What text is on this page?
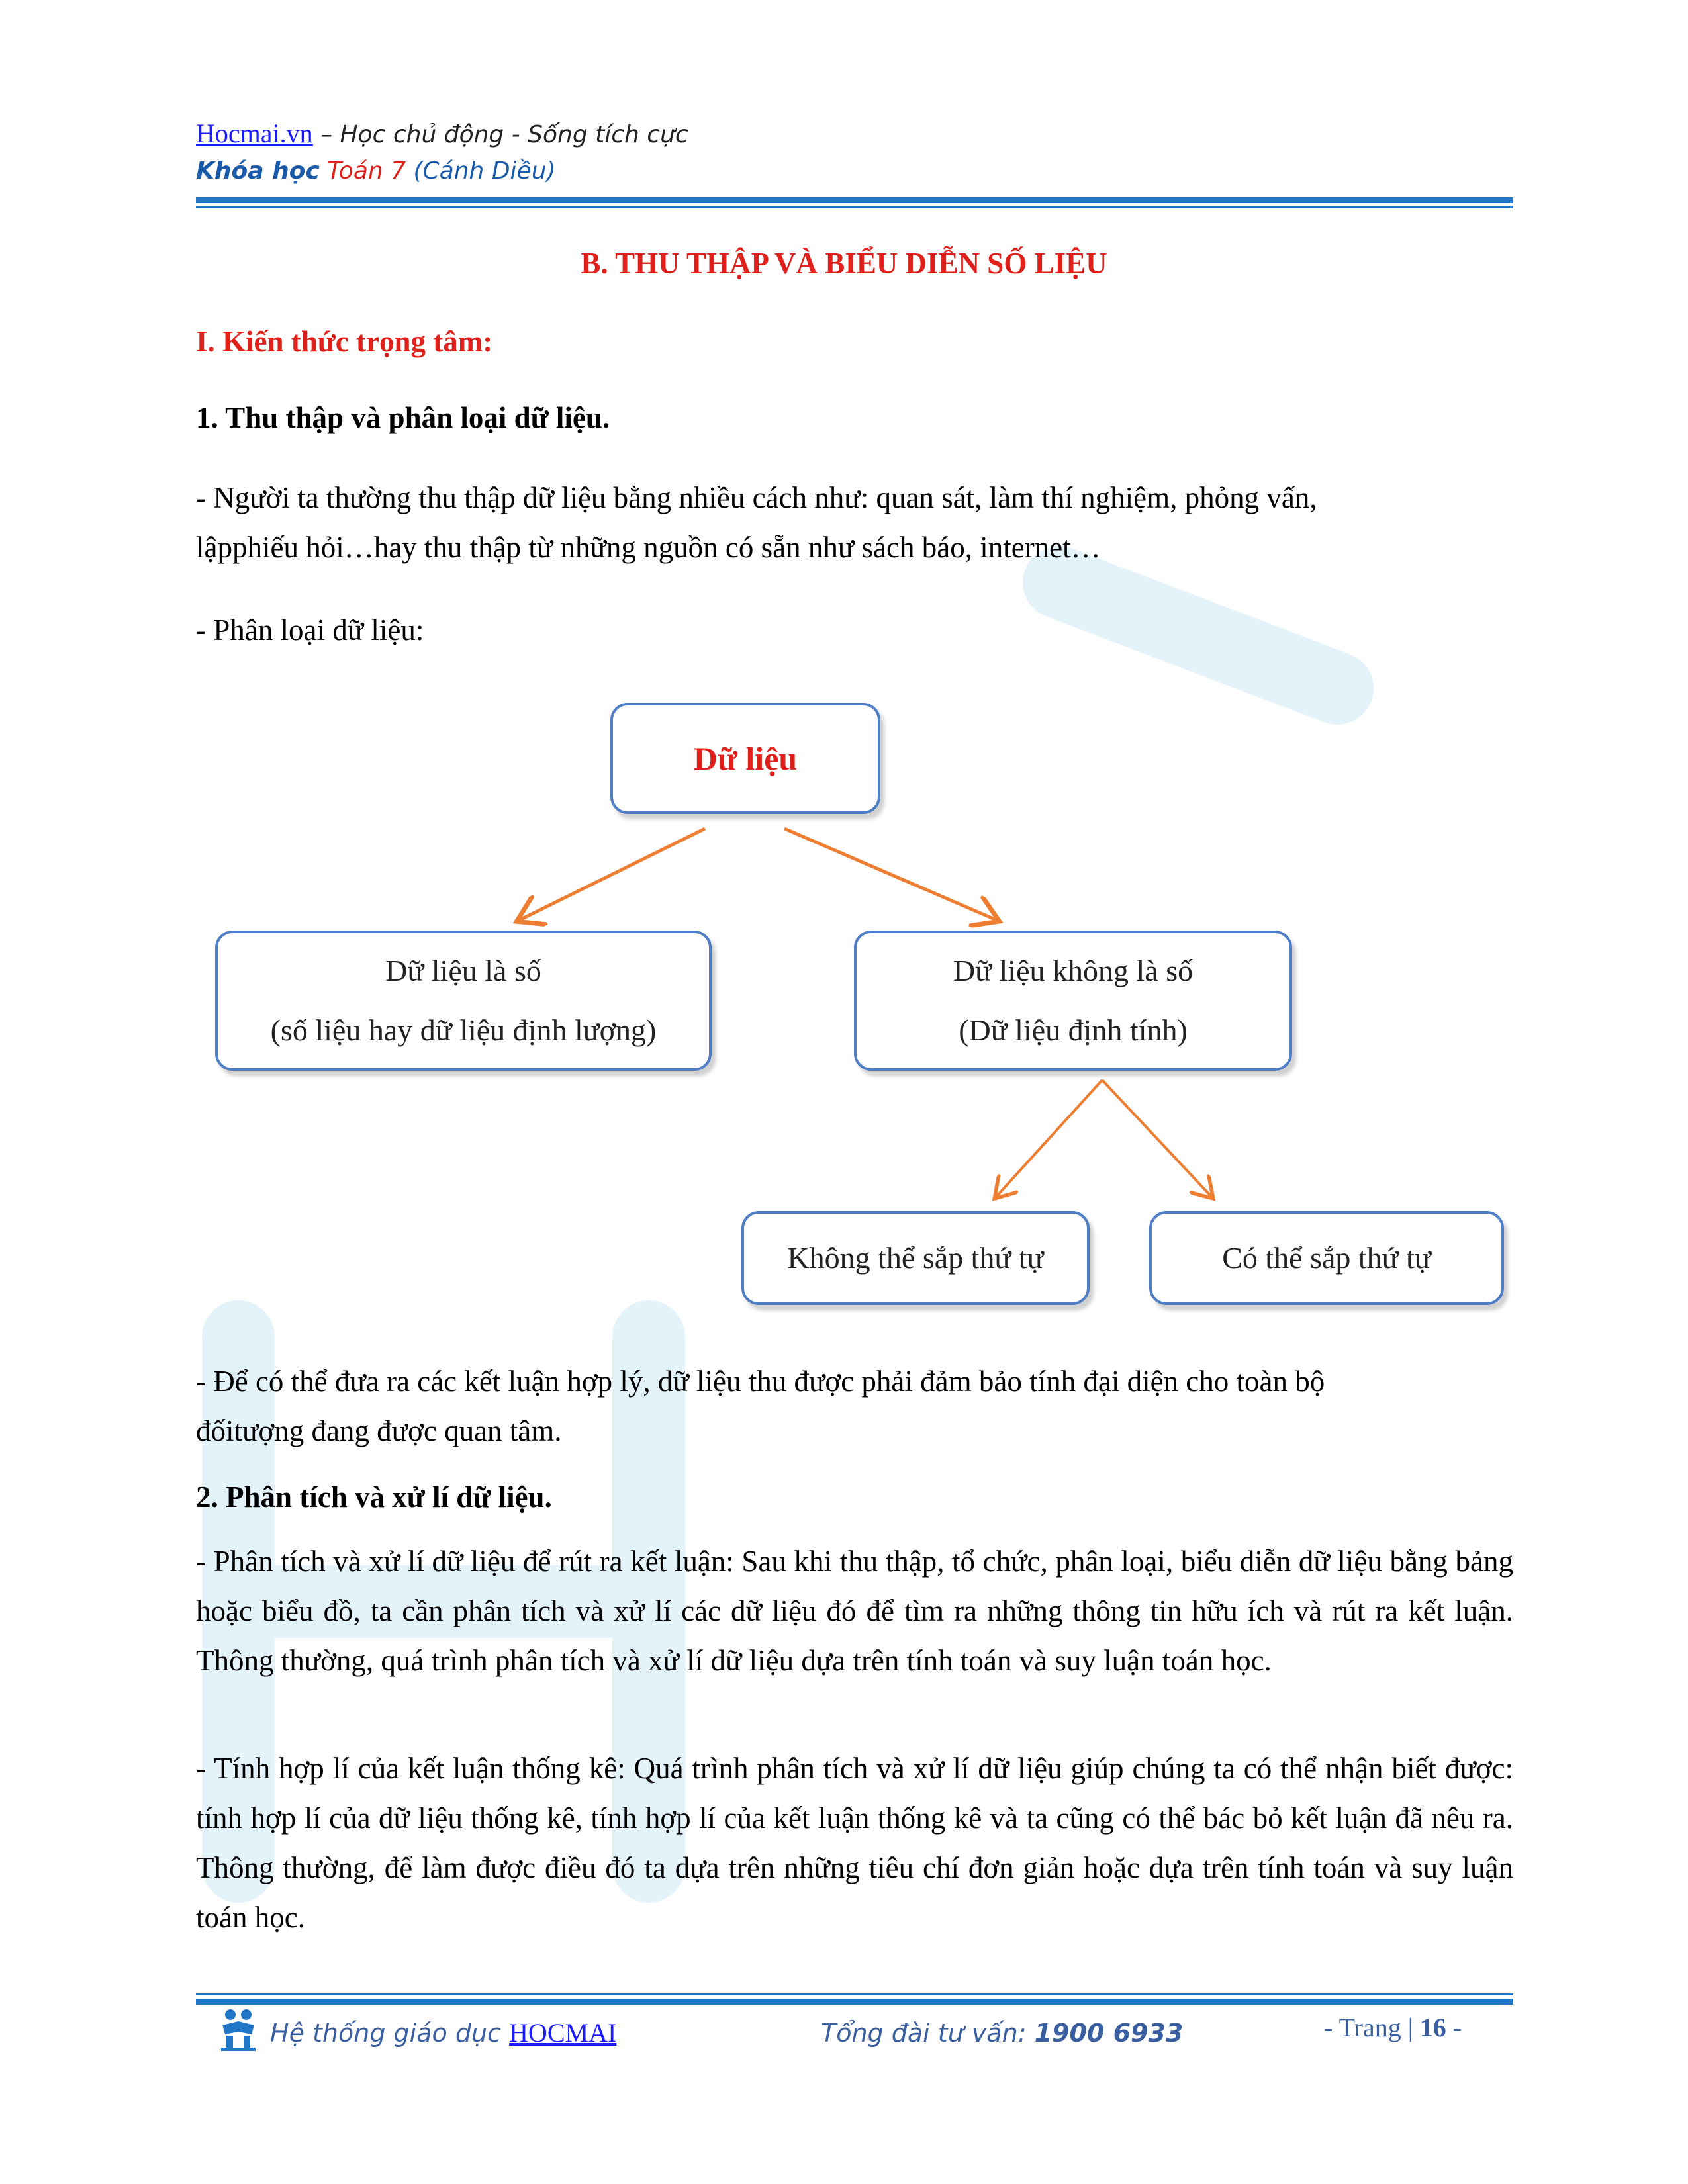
Hocmai.vn – Học chủ động - Sống tích cực
Khóa học Toán 7 (Cánh Diều)
B. THU THẬP VÀ BIỂU DIỄN SỐ LIỆU
I. Kiến thức trọng tâm:
1. Thu thập và phân loại dữ liệu.
- Người ta thường thu thập dữ liệu bằng nhiều cách như: quan sát, làm thí nghiệm, phỏng vấn,
lậpphiếu hỏi…hay thu thập từ những nguồn có sẵn như sách báo, internet…
- Phân loại dữ liệu:
Dữ liệu
Dữ liệu là số
(số liệu hay dữ liệu định lượng)
Dữ liệu không là số
(Dữ liệu định tính)
Không thể sắp thứ tự	Có thể sắp thứ tự
- Để có thể đưa ra các kết luận hợp lý, dữ liệu thu được phải đảm bảo tính đại diện cho toàn bộ
đốitượng đang được quan tâm.
2. Phân tích và xử lí dữ liệu.
- Phân tích và xử lí dữ liệu để rút ra kết luận: Sau khi thu thập, tổ chức, phân loại, biểu diễn dữ liệu bằng bảng hoặc biểu đồ, ta cần phân tích và xử lí các dữ liệu đó để tìm ra những thông tin hữu ích và rút ra kết luận. Thông thường, quá trình phân tích và xử lí dữ liệu dựa trên tính toán và suy luận toán học.
- Tính hợp lí của kết luận thống kê: Quá trình phân tích và xử lí dữ liệu giúp chúng ta có thể nhận biết được: tính hợp lí của dữ liệu thống kê, tính hợp lí của kết luận thống kê và ta cũng có thể bác bỏ kết luận đã nêu ra. Thông thường, để làm được điều đó ta dựa trên những tiêu chí đơn giản hoặc dựa trên tính toán và suy luận toán học.
Hệ thống giáo dục HOCMAI	Tổng đài tư vấn: 1900 6933	- Trang | 16 -
